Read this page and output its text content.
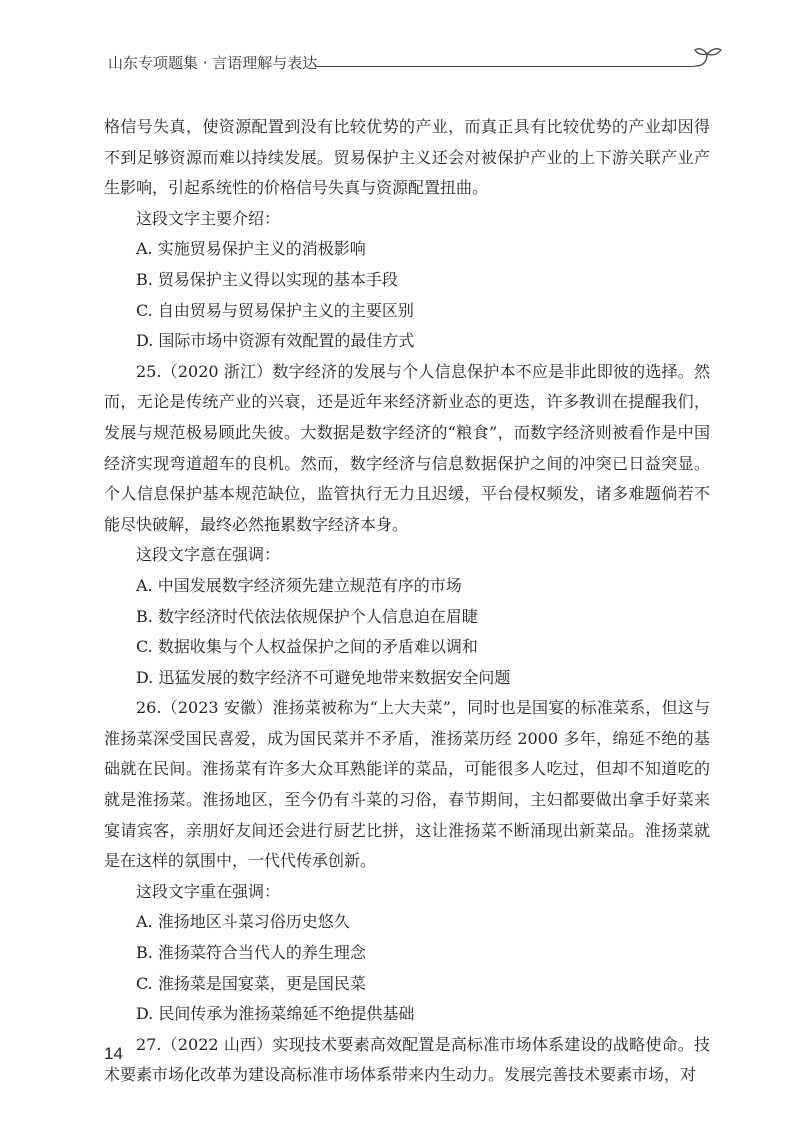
山东专项题集 · 言语理解与表达

格信号失真，使资源配置到没有比较优势的产业，而真正具有比较优势的产业却因得不到足够资源而难以持续发展。贸易保护主义还会对被保护产业的上下游关联产业产生影响，引起系统性的价格信号失真与资源配置扭曲。

这段文字主要介绍：

A. 实施贸易保护主义的消极影响

B. 贸易保护主义得以实现的基本手段

C. 自由贸易与贸易保护主义的主要区别

D. 国际市场中资源有效配置的最佳方式

25.（2020 浙江）数字经济的发展与个人信息保护本不应是非此即彼的选择。然而，无论是传统产业的兴衰，还是近年来经济新业态的更迭，许多教训在提醒我们，发展与规范极易顾此失彼。大数据是数字经济的“粮食”，而数字经济则被看作是中国经济实现弯道超车的良机。然而，数字经济与信息数据保护之间的冲突已日益突显。个人信息保护基本规范缺位，监管执行无力且迟缓，平台侵权频发，诸多难题倘若不能尽快破解，最终必然拖累数字经济本身。

这段文字意在强调：

A. 中国发展数字经济须先建立规范有序的市场

B. 数字经济时代依法依规保护个人信息迫在眉睫

C. 数据收集与个人权益保护之间的矛盾难以调和

D. 迅猛发展的数字经济不可避免地带来数据安全问题

26.（2023 安徽）淮扬菜被称为“上大夫菜”，同时也是国宴的标准菜系，但这与淮扬菜深受国民喜爱，成为国民菜并不矛盾，淮扬菜历经 2000 多年，绵延不绝的基础就在民间。淮扬菜有许多大众耳熟能详的菜品，可能很多人吃过，但却不知道吃的就是淮扬菜。淮扬地区，至今仍有斗菜的习俗，春节期间，主妇都要做出拿手好菜来宴请宾客，亲朋好友间还会进行厨艺比拼，这让淮扬菜不断涌现出新菜品。淮扬菜就是在这样的氛围中，一代代传承创新。

这段文字重在强调：

A. 淮扬地区斗菜习俗历史悠久

B. 淮扬菜符合当代人的养生理念

C. 淮扬菜是国宴菜，更是国民菜

D. 民间传承为淮扬菜绵延不绝提供基础

27.（2022 山西）实现技术要素高效配置是高标准市场体系建设的战略使命。技术要素市场化改革为建设高标准市场体系带来内生动力。发展完善技术要素市场，对

14
